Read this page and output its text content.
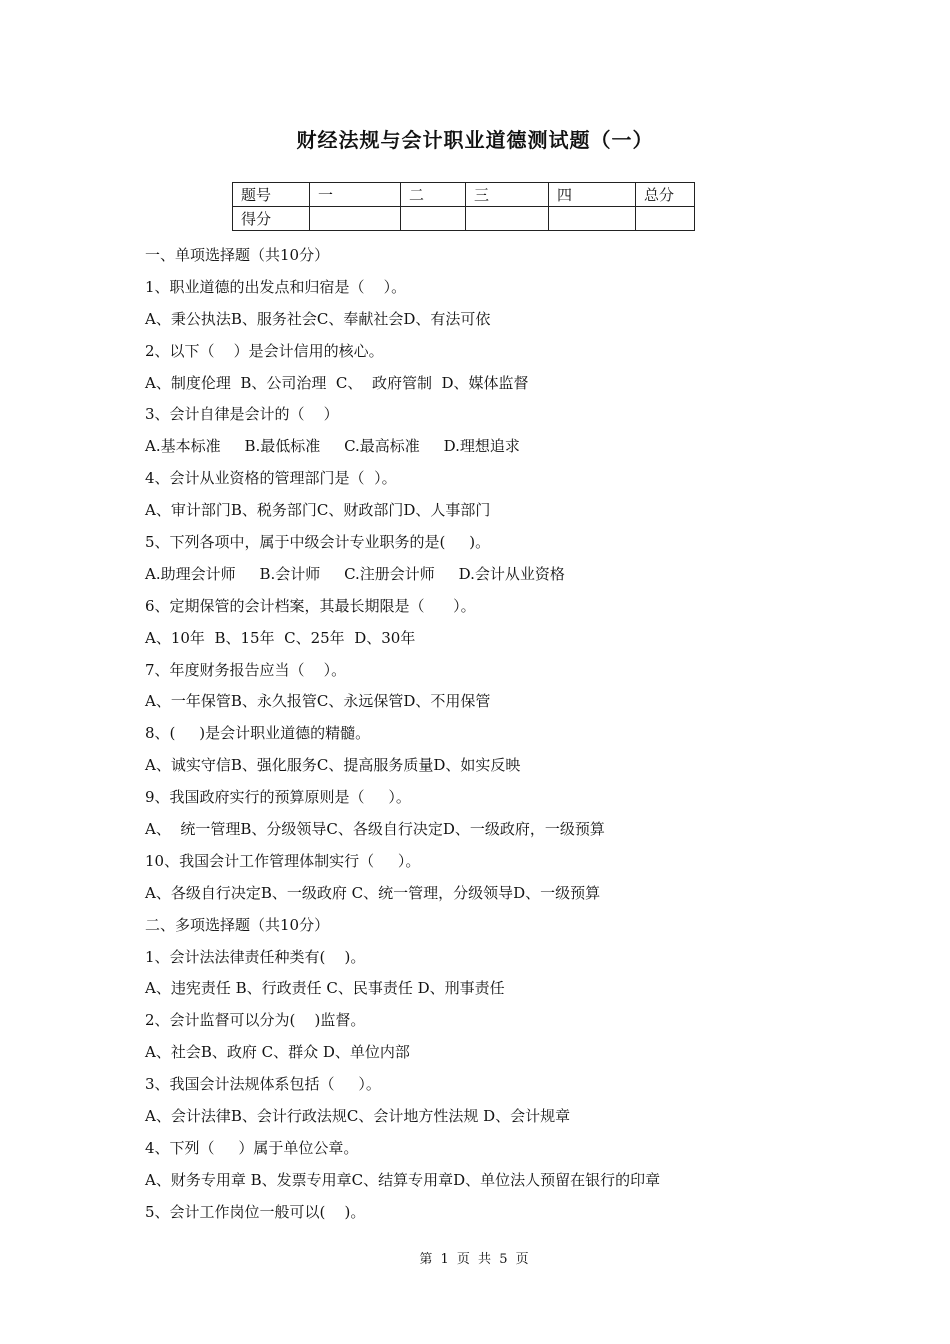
财经法规与会计职业道德测试题（一）
题号	一	二	三	四	总分
得分					
一、单项选择题（共10分）
1、职业道德的出发点和归宿是（    ）。
A、秉公执法B、服务社会C、奉献社会D、有法可依
2、以下（    ）是会计信用的核心。
A、制度伦理  B、公司治理  C、  政府管制  D、媒体监督
3、会计自律是会计的（    ）
A.基本标准     B.最低标准     C.最高标准     D.理想追求
4、会计从业资格的管理部门是（  ）。
A、审计部门B、税务部门C、财政部门D、人事部门
5、下列各项中，属于中级会计专业职务的是(     )。
A.助理会计师     B.会计师     C.注册会计师     D.会计从业资格
6、定期保管的会计档案，其最长期限是（      ）。
A、10年  B、15年  C、25年  D、30年
7、年度财务报告应当（    ）。
A、一年保管B、永久报管C、永远保管D、不用保管
8、(     )是会计职业道德的精髓。
A、诚实守信B、强化服务C、提高服务质量D、如实反映
9、我国政府实行的预算原则是（     ）。
A、  统一管理B、分级领导C、各级自行决定D、一级政府，一级预算
10、我国会计工作管理体制实行（     ）。
A、各级自行决定B、一级政府 C、统一管理，分级领导D、一级预算
二、多项选择题（共10分）
1、会计法法律责任种类有(    )。
A、违宪责任 B、行政责任 C、民事责任 D、刑事责任
2、会计监督可以分为(    )监督。
A、社会B、政府 C、群众 D、单位内部
3、我国会计法规体系包括（     ）。
A、会计法律B、会计行政法规C、会计地方性法规 D、会计规章
4、下列（     ）属于单位公章。
A、财务专用章 B、发票专用章C、结算专用章D、单位法人预留在银行的印章
5、会计工作岗位一般可以(    )。
第 1 页 共 5 页
